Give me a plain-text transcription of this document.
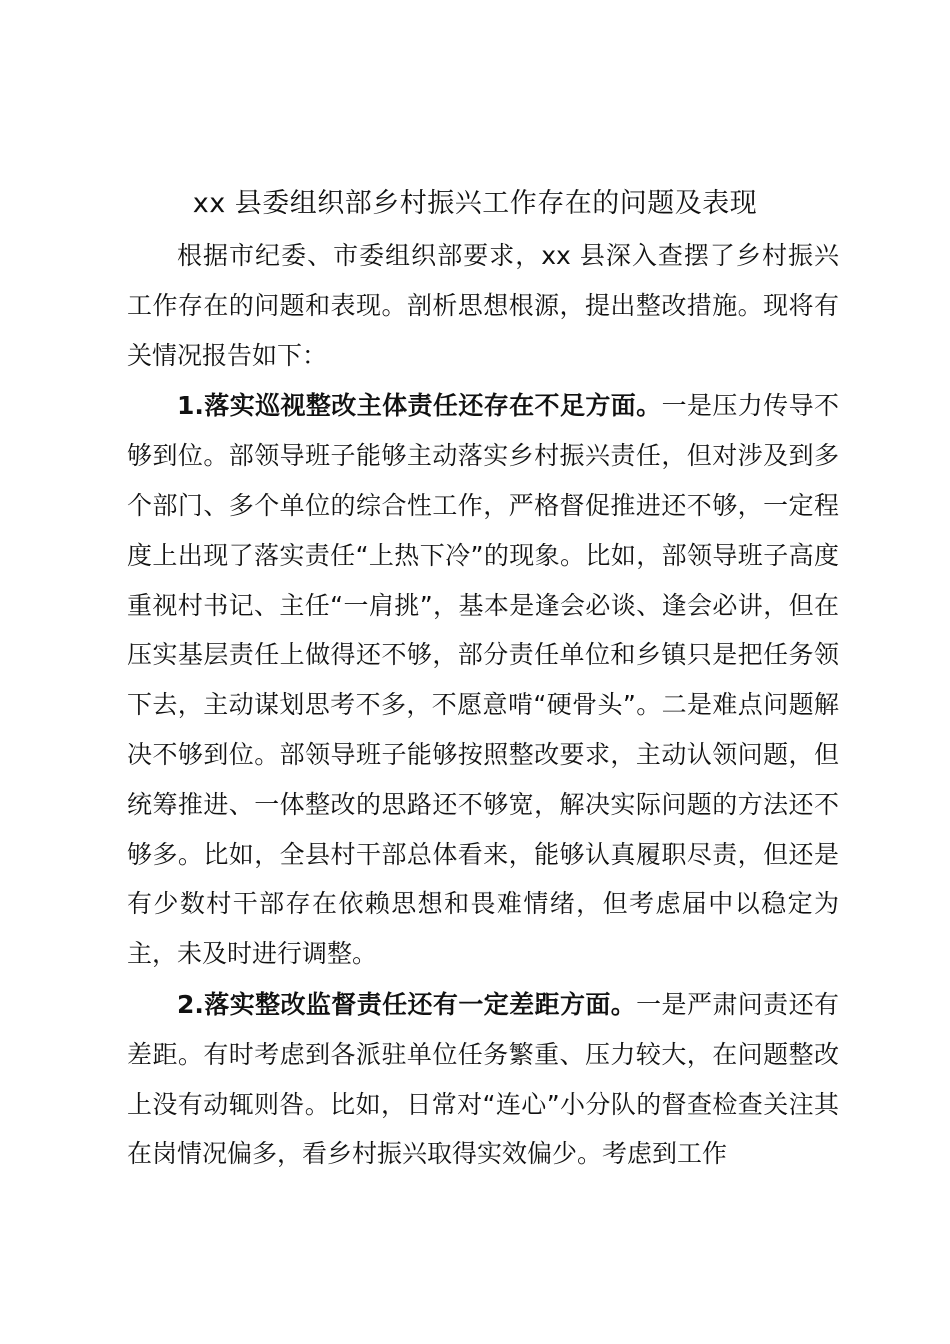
xx 县委组织部乡村振兴工作存在的问题及表现

根据市纪委、市委组织部要求，xx 县深入查摆了乡村振兴工作存在的问题和表现。剖析思想根源，提出整改措施。现将有关情况报告如下：

1.落实巡视整改主体责任还存在不足方面。一是压力传导不够到位。部领导班子能够主动落实乡村振兴责任，但对涉及到多个部门、多个单位的综合性工作，严格督促推进还不够，一定程度上出现了落实责任“上热下冷”的现象。比如，部领导班子高度重视村书记、主任“一肩挑”，基本是逢会必谈、逢会必讲，但在压实基层责任上做得还不够，部分责任单位和乡镇只是把任务领下去，主动谋划思考不多，不愿意啃“硬骨头”。二是难点问题解决不够到位。部领导班子能够按照整改要求，主动认领问题，但统筹推进、一体整改的思路还不够宽，解决实际问题的方法还不够多。比如，全县村干部总体看来，能够认真履职尽责，但还是有少数村干部存在依赖思想和畏难情绪，但考虑届中以稳定为主，未及时进行调整。

2.落实整改监督责任还有一定差距方面。一是严肃问责还有差距。有时考虑到各派驻单位任务繁重、压力较大，在问题整改上没有动辄则咎。比如，日常对“连心”小分队的督查检查关注其在岗情况偏多，看乡村振兴取得实效偏少。考虑到工作
